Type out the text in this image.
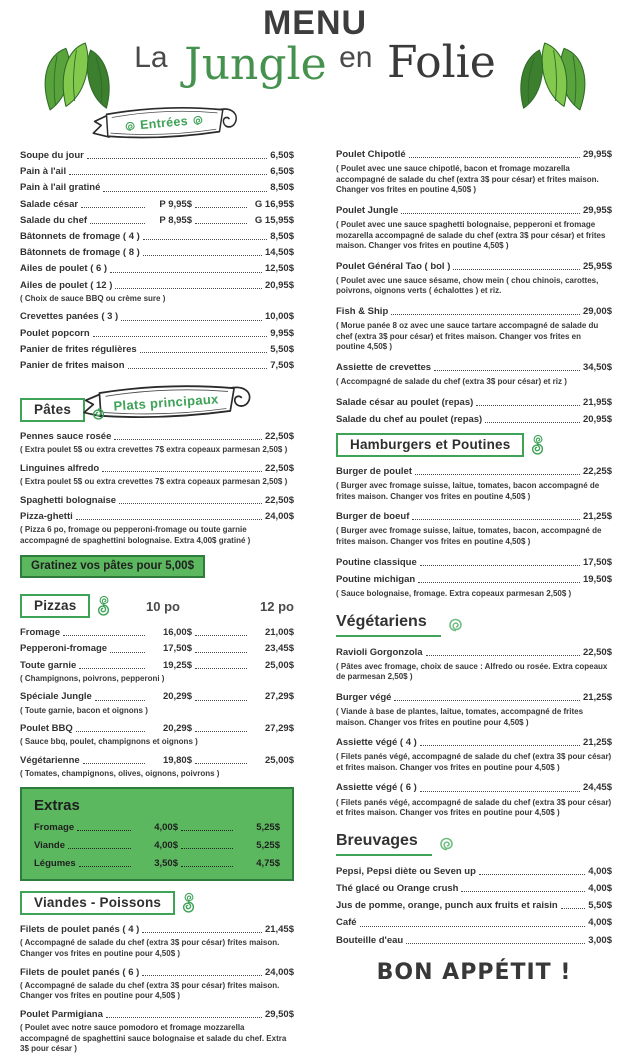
MENU
La Jungle en Folie
Entrées
Soupe du jour	6,50$
Pain à l'ail	6,50$
Pain à l'ail gratiné	8,50$
Salade césar	P 9,95$	G 16,95$
Salade du chef	P 8,95$	G 15,95$
Bâtonnets de fromage ( 4 )	8,50$
Bâtonnets de fromage ( 8 )	14,50$
Ailes de poulet ( 6 )	12,50$
Ailes de poulet ( 12 )	20,95$
( Choix de sauce BBQ ou crème sure )
Crevettes panées ( 3 )	10,00$
Poulet popcorn	9,95$
Panier de frites régulières	5,50$
Panier de frites maison	7,50$
Plats principaux
Pâtes
Pennes sauce rosée	22,50$
( Extra poulet 5$ ou extra crevettes 7$ extra copeaux parmesan 2,50$ )
Linguines alfredo	22,50$
( Extra poulet 5$ ou extra crevettes 7$ extra copeaux parmesan 2,50$ )
Spaghetti bolognaise	22,50$
Pizza-ghetti	24,00$
( Pizza 6 po, fromage ou pepperoni-fromage ou toute garnie accompagné de spaghettini bolognaise. Extra 4,00$ gratiné )
Gratinez vos pâtes pour 5,00$
Pizzas	10 po	12 po
Fromage	16,00$	21,00$
Pepperoni-fromage	17,50$	23,45$
Toute garnie	19,25$	25,00$
( Champignons, poivrons, pepperoni )
Spéciale Jungle	20,29$	27,29$
( Toute garnie, bacon et oignons )
Poulet BBQ	20,29$	27,29$
( Sauce bbq, poulet, champignons et oignons )
Végétarienne	19,80$	25,00$
( Tomates, champignons, olives, oignons, poivrons )
Extras
Fromage	4,00$	5,25$
Viande	4,00$	5,25$
Légumes	3,50$	4,75$
Viandes - Poissons
Filets de poulet panés ( 4 )	21,45$
( Accompagné de salade du chef (extra 3$ pour césar) frites maison. Changer vos frites en poutine pour 4,50$ )
Filets de poulet panés ( 6 )	24,00$
( Accompagné de salade du chef (extra 3$ pour césar) frites maison. Changer vos frites en poutine pour 4,50$ )
Poulet Parmigiana	29,50$
( Poulet avec notre sauce pomodoro et fromage mozzarella accompagné de spaghettini sauce bolognaise et salade du chef. Extra 3$ pour césar )
Poulet Chipotlé	29,95$
( Poulet avec une sauce chipotlé, bacon et fromage mozarella accompagné de salade du chef (extra 3$ pour césar) et frites maison. Changer vos frites en poutine 4,50$ )
Poulet Jungle	29,95$
( Poulet avec une sauce spaghetti bolognaise, pepperoni et fromage mozarella accompagné de salade du chef (extra 3$ pour césar) et frites maison. Changer vos frites en poutine 4,50$ )
Poulet Général Tao ( bol )	25,95$
( Poulet avec une sauce sésame, chow mein ( chou chinois, carottes, poivrons, oignons verts ( échalottes ) et riz.
Fish & Ship	29,00$
( Morue panée 8 oz avec une sauce tartare accompagné de salade du chef (extra 3$ pour césar) et frites maison. Changer vos frites en poutine 4,50$ )
Assiette de crevettes	34,50$
( Accompagné de salade du chef (extra 3$ pour césar) et riz )
Salade césar au poulet (repas)	21,95$
Salade du chef au poulet (repas)	20,95$
Hamburgers et Poutines
Burger de poulet	22,25$
( Burger avec fromage suisse, laitue, tomates, bacon accompagné de frites maison. Changer vos frites en poutine 4,50$ )
Burger de boeuf	21,25$
( Burger avec fromage suisse, laitue, tomates, bacon, accompagné de frites maison. Changer vos frites en poutine 4,50$ )
Poutine classique	17,50$
Poutine michigan	19,50$
( Sauce bolognaise, fromage. Extra copeaux parmesan 2,50$ )
Végétariens
Ravioli Gorgonzola	22,50$
( Pâtes avec fromage, choix de sauce : Alfredo ou rosée. Extra copeaux de parmesan 2,50$ )
Burger végé	21,25$
( Viande à base de plantes, laitue, tomates, accompagné de frites maison. Changer vos frites en poutine pour 4,50$ )
Assiette végé ( 4 )	21,25$
( Filets panés végé, accompagné de salade du chef (extra 3$ pour césar) et frites maison. Changer vos frites en poutine pour 4,50$ )
Assiette végé ( 6 )	24,45$
( Filets panés végé, accompagné de salade du chef (extra 3$ pour césar) et frites maison. Changer vos frites en poutine pour 4,50$ )
Breuvages
Pepsi, Pepsi diète ou Seven up	4,00$
Thé glacé ou Orange crush	4,00$
Jus de pomme, orange, punch aux fruits et raisin	5,50$
Café	4,00$
Bouteille d'eau	3,00$
BON APPÉTIT !
